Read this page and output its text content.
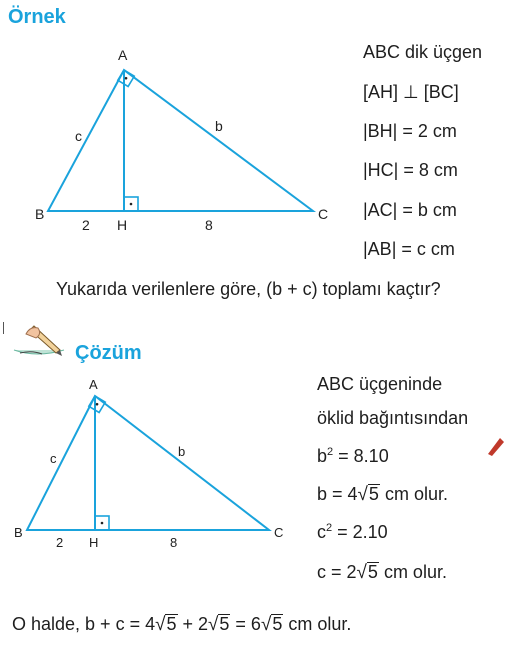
Örnek
A
B	C
H
c
b
2	8
ABC dik üçgen
[AH] ⊥ [BC]
|BH| = 2 cm
|HC| = 8 cm
|AC| = b cm
|AB| = c cm
Yukarıda verilenlere göre, (b + c) toplamı kaçtır?
Çözüm
A
B	C
H
c	b
2	8
ABC üçgeninde
öklid bağıntısından
$b^2 = 8.10$
b = 4√5 cm olur.
$c^2 = 2.10$
c = 2√5 cm olur.
O halde, b + c = 4√5 + 2√5 = 6√5 cm olur.
